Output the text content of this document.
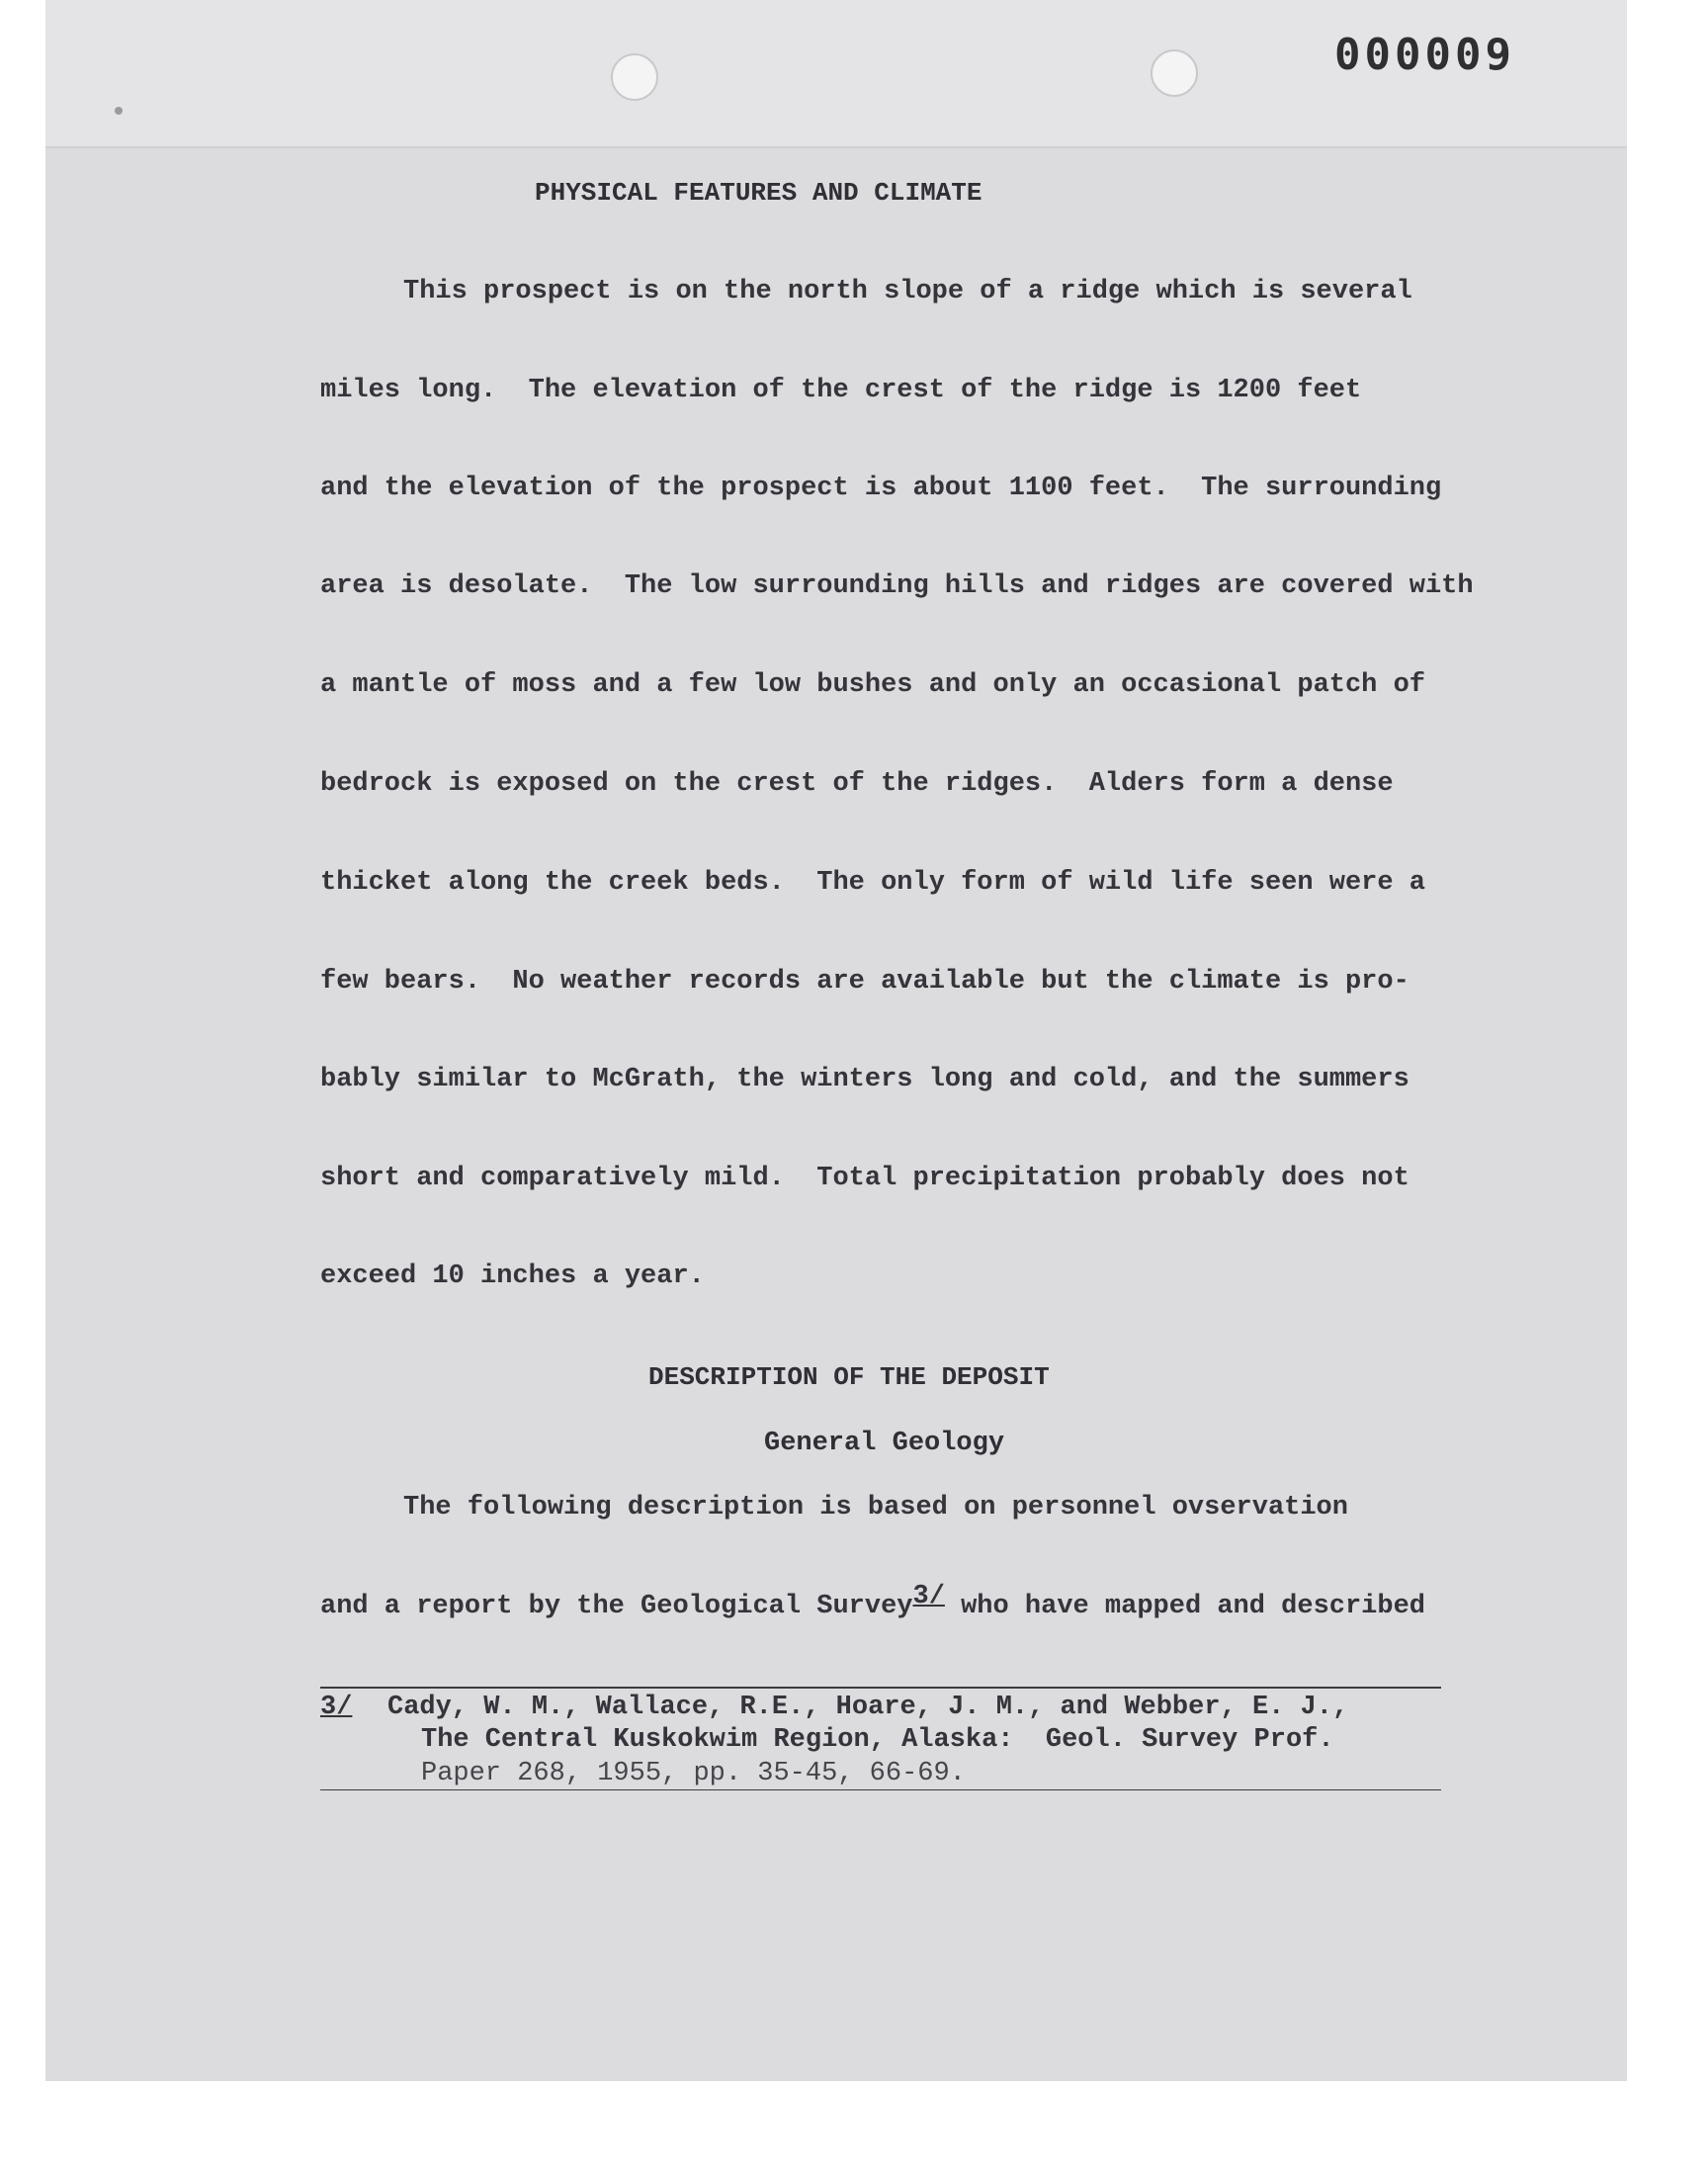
000009
PHYSICAL FEATURES AND CLIMATE
This prospect is on the north slope of a ridge which is several
miles long.  The elevation of the crest of the ridge is 1200 feet
and the elevation of the prospect is about 1100 feet.  The surrounding
area is desolate.  The low surrounding hills and ridges are covered with
a mantle of moss and a few low bushes and only an occasional patch of
bedrock is exposed on the crest of the ridges.  Alders form a dense
thicket along the creek beds.  The only form of wild life seen were a
few bears.  No weather records are available but the climate is pro-
bably similar to McGrath, the winters long and cold, and the summers
short and comparatively mild.  Total precipitation probably does not
exceed 10 inches a year.
DESCRIPTION OF THE DEPOSIT
General Geology
The following description is based on personnel ovservation
and a report by the Geological Survey3/ who have mapped and described
3/ Cady, W. M., Wallace, R.E., Hoare, J. M., and Webber, E. J.,
The Central Kuskokwim Region, Alaska:  Geol. Survey Prof.
Paper 268, 1955, pp. 35-45, 66-69.
